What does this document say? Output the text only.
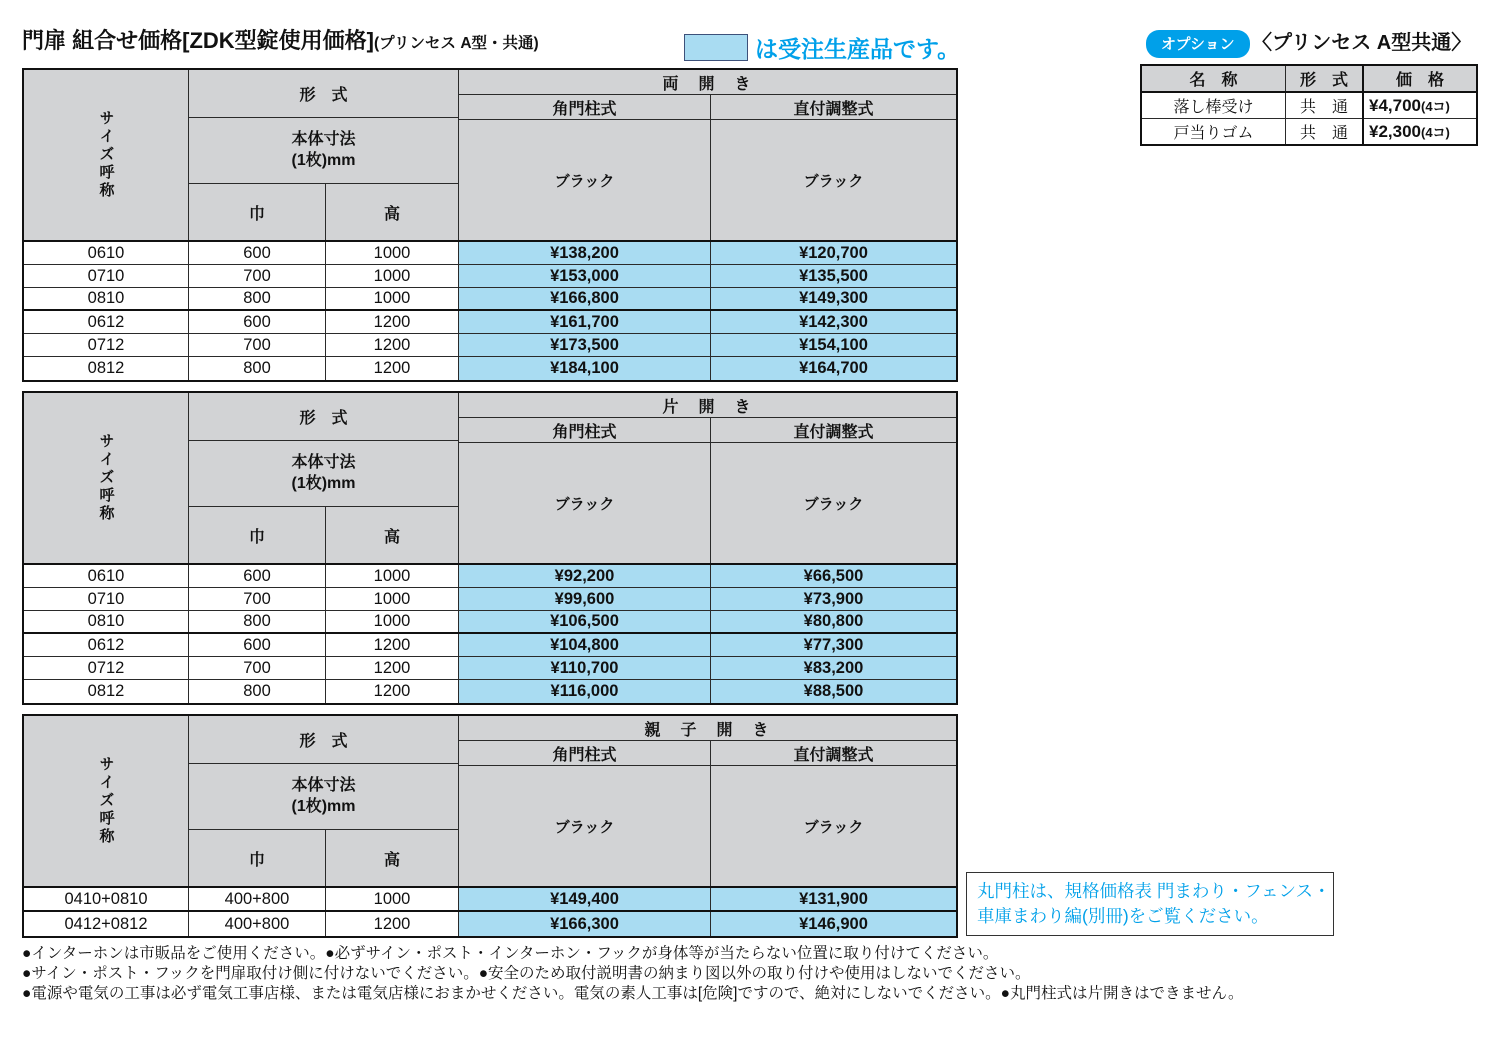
門扉 組合せ価格[ZDK型錠使用価格](プリンセス A型・共通)	は受注生産品です。	オプション 〈プリンセス A型共通〉
名　称	形　式	価　格
落し棒受け	共　通	¥4,700(4コ)
戸当りゴム	共　通	¥2,300(4コ)
サイズ呼称
形　式
本体寸法
(1枚)mm
巾	高
両　開　き
角門柱式	直付調整式
ブラック	ブラック
0610	600	1000	¥138,200	¥120,700
0710	700	1000	¥153,000	¥135,500
0810	800	1000	¥166,800	¥149,300
0612	600	1200	¥161,700	¥142,300
0712	700	1200	¥173,500	¥154,100
0812	800	1200	¥184,100	¥164,700
サイズ呼称
形　式
本体寸法
(1枚)mm
巾	高
片　開　き
角門柱式	直付調整式
ブラック	ブラック
0610	600	1000	¥92,200	¥66,500
0710	700	1000	¥99,600	¥73,900
0810	800	1000	¥106,500	¥80,800
0612	600	1200	¥104,800	¥77,300
0712	700	1200	¥110,700	¥83,200
0812	800	1200	¥116,000	¥88,500
サイズ呼称
形　式
本体寸法
(1枚)mm
巾	高
親　子　開　き
角門柱式	直付調整式
ブラック	ブラック
0410+0810	400+800	1000	¥149,400	¥131,900
0412+0812	400+800	1200	¥166,300	¥146,900
丸門柱は、規格価格表 門まわり・フェンス・
車庫まわり編(別冊)をご覧ください。
●インターホンは市販品をご使用ください。●必ずサイン・ポスト・インターホン・フックが身体等が当たらない位置に取り付けてください。
●サイン・ポスト・フックを門扉取付け側に付けないでください。●安全のため取付説明書の納まり図以外の取り付けや使用はしないでください。
●電源や電気の工事は必ず電気工事店様、または電気店様におまかせください。電気の素人工事は[危険]ですので、絶対にしないでください。●丸門柱式は片開きはできません。
